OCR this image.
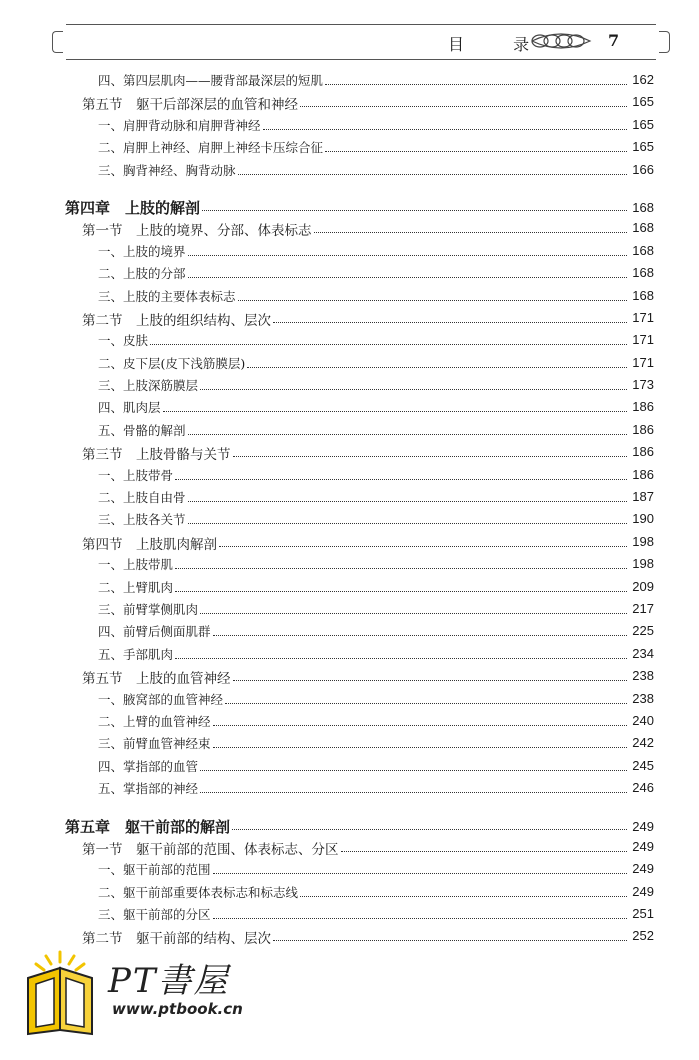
目 录	7
四、第四层肌肉——腰背部最深层的短肌	162
第五节　躯干后部深层的血管和神经	165
一、肩胛背动脉和肩胛背神经	165
二、肩胛上神经、肩胛上神经卡压综合征	165
三、胸背神经、胸背动脉	166
第四章　上肢的解剖	168
第一节　上肢的境界、分部、体表标志	168
一、上肢的境界	168
二、上肢的分部	168
三、上肢的主要体表标志	168
第二节　上肢的组织结构、层次	171
一、皮肤	171
二、皮下层(皮下浅筋膜层)	171
三、上肢深筋膜层	173
四、肌肉层	186
五、骨骼的解剖	186
第三节　上肢骨骼与关节	186
一、上肢带骨	186
二、上肢自由骨	187
三、上肢各关节	190
第四节　上肢肌肉解剖	198
一、上肢带肌	198
二、上臂肌肉	209
三、前臂掌侧肌肉	217
四、前臂后侧面肌群	225
五、手部肌肉	234
第五节　上肢的血管神经	238
一、腋窝部的血管神经	238
二、上臂的血管神经	240
三、前臂血管神经束	242
四、掌指部的血管	245
五、掌指部的神经	246
第五章　躯干前部的解剖	249
第一节　躯干前部的范围、体表标志、分区	249
一、躯干前部的范围	249
二、躯干前部重要体表标志和标志线	249
三、躯干前部的分区	251
第二节　躯干前部的结构、层次	252
PT書屋
www.ptbook.cn
